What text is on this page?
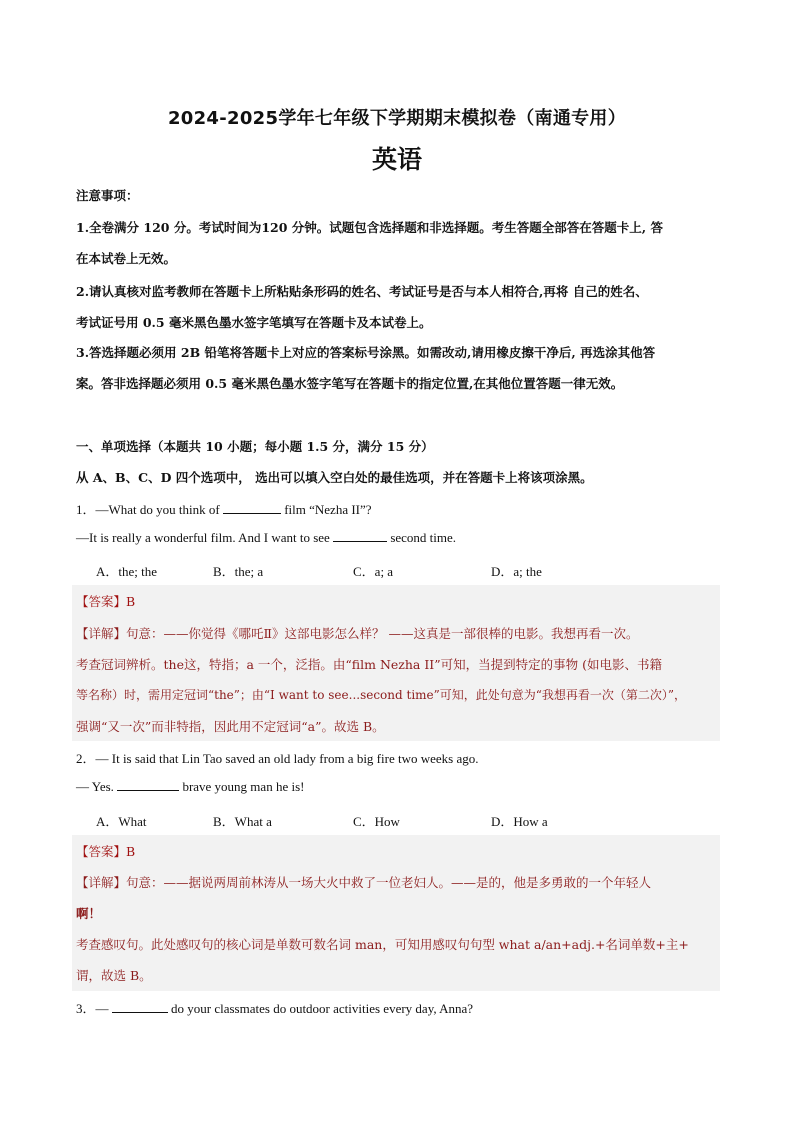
2024-2025学年七年级下学期期末模拟卷（南通专用）
英语
注意事项：
1.全卷满分 120 分。考试时间为120 分钟。试题包含选择题和非选择题。考生答题全部答在答题卡上, 答
在本试卷上无效。
2.请认真核对监考教师在答题卡上所粘贴条形码的姓名、考试证号是否与本人相符合,再将 自己的姓名、
考试证号用 0.5 毫米黑色墨水签字笔填写在答题卡及本试卷上。
3.答选择题必须用 2B 铅笔将答题卡上对应的答案标号涂黑。如需改动,请用橡皮擦干净后, 再选涂其他答
案。答非选择题必须用 0.5 毫米黑色墨水签字笔写在答题卡的指定位置,在其他位置答题一律无效。
一、单项选择（本题共 10 小题；每小题 1.5 分，满分 15 分）
从 A、B、C、D 四个选项中， 选出可以填入空白处的最佳选项，并在答题卡上将该项涂黑。
1．—What do you think of	film “Nezha II”?
—It is really a wonderful film. And I want to see	second time.
A．the; the	B．the; a	C．a; a	D．a; the
【答案】B
【详解】句意：——你觉得《哪吒Ⅱ》这部电影怎么样？ ——这真是一部很棒的电影。我想再看一次。
考查冠词辨析。the这，特指；a 一个，泛指。由“film Nezha II”可知，当提到特定的事物 (如电影、书籍
等名称）时，需用定冠词“the”；由“I want to see...second time”可知，此处句意为“我想再看一次（第二次）”，
强调“又一次”而非特指，因此用不定冠词“a”。故选 B。
2．— It is said that Lin Tao saved an old lady from a big fire two weeks ago.
— Yes.	brave young man he is!
A．What	B．What a	C．How	D．How a
【答案】B
【详解】句意：——据说两周前林涛从一场大火中救了一位老妇人。——是的，他是多勇敢的一个年轻人
啊！
考查感叹句。此处感叹句的核心词是单数可数名词 man，可知用感叹句句型 what a/an+adj.+名词单数+主+
谓，故选 B。
3．—	do your classmates do outdoor activities every day, Anna?
